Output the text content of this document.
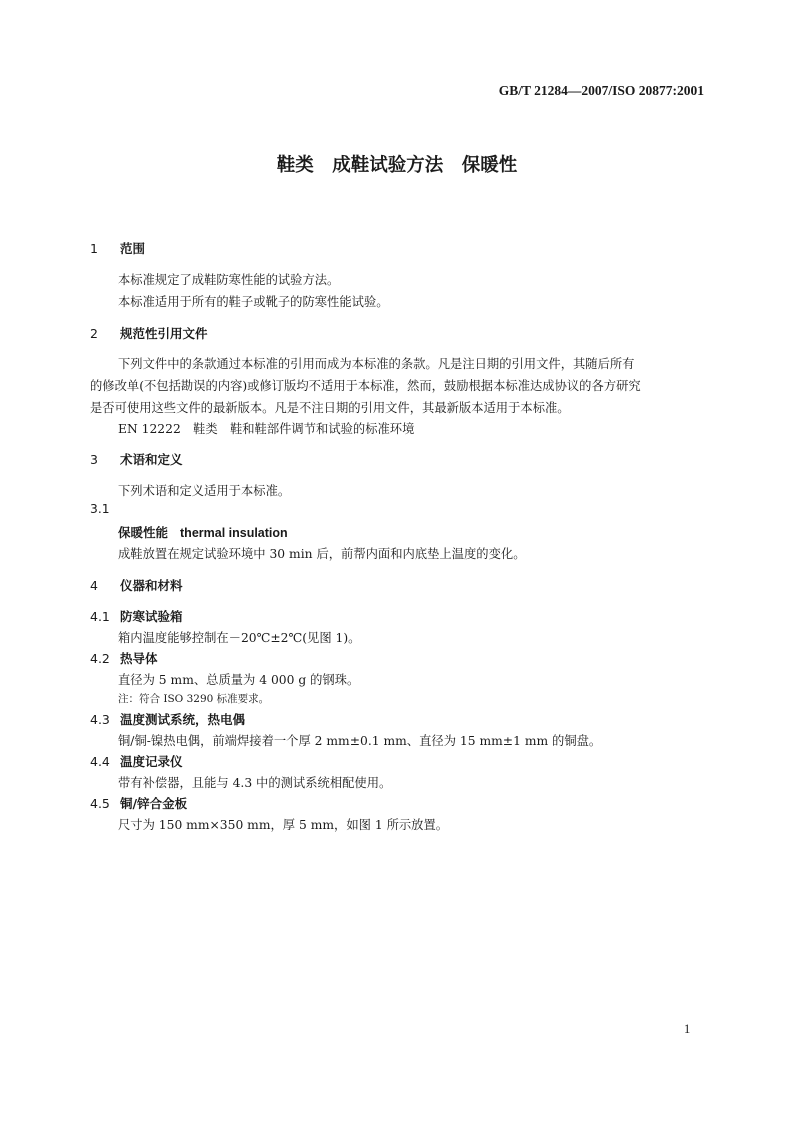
GB/T 21284—2007/ISO 20877:2001
鞋类　成鞋试验方法　保暖性
1 范围
本标准规定了成鞋防寒性能的试验方法。
本标准适用于所有的鞋子或靴子的防寒性能试验。
2 规范性引用文件
下列文件中的条款通过本标准的引用而成为本标准的条款。凡是注日期的引用文件，其随后所有
的修改单(不包括勘误的内容)或修订版均不适用于本标准，然而，鼓励根据本标准达成协议的各方研究
是否可使用这些文件的最新版本。凡是不注日期的引用文件，其最新版本适用于本标准。
EN 12222　鞋类　鞋和鞋部件调节和试验的标准环境
3 术语和定义
下列术语和定义适用于本标准。
3.1
保暖性能 thermal insulation
成鞋放置在规定试验环境中 30 min 后，前帮内面和内底垫上温度的变化。
4 仪器和材料
4.1 防寒试验箱
箱内温度能够控制在－20℃±2℃(见图 1)。
4.2 热导体
直径为 5 mm、总质量为 4 000 g 的钢珠。
注：符合 ISO 3290 标准要求。
4.3 温度测试系统，热电偶
铜/铜-镍热电偶，前端焊接着一个厚 2 mm±0.1 mm、直径为 15 mm±1 mm 的铜盘。
4.4 温度记录仪
带有补偿器，且能与 4.3 中的测试系统相配使用。
4.5 铜/锌合金板
尺寸为 150 mm×350 mm，厚 5 mm，如图 1 所示放置。
1
